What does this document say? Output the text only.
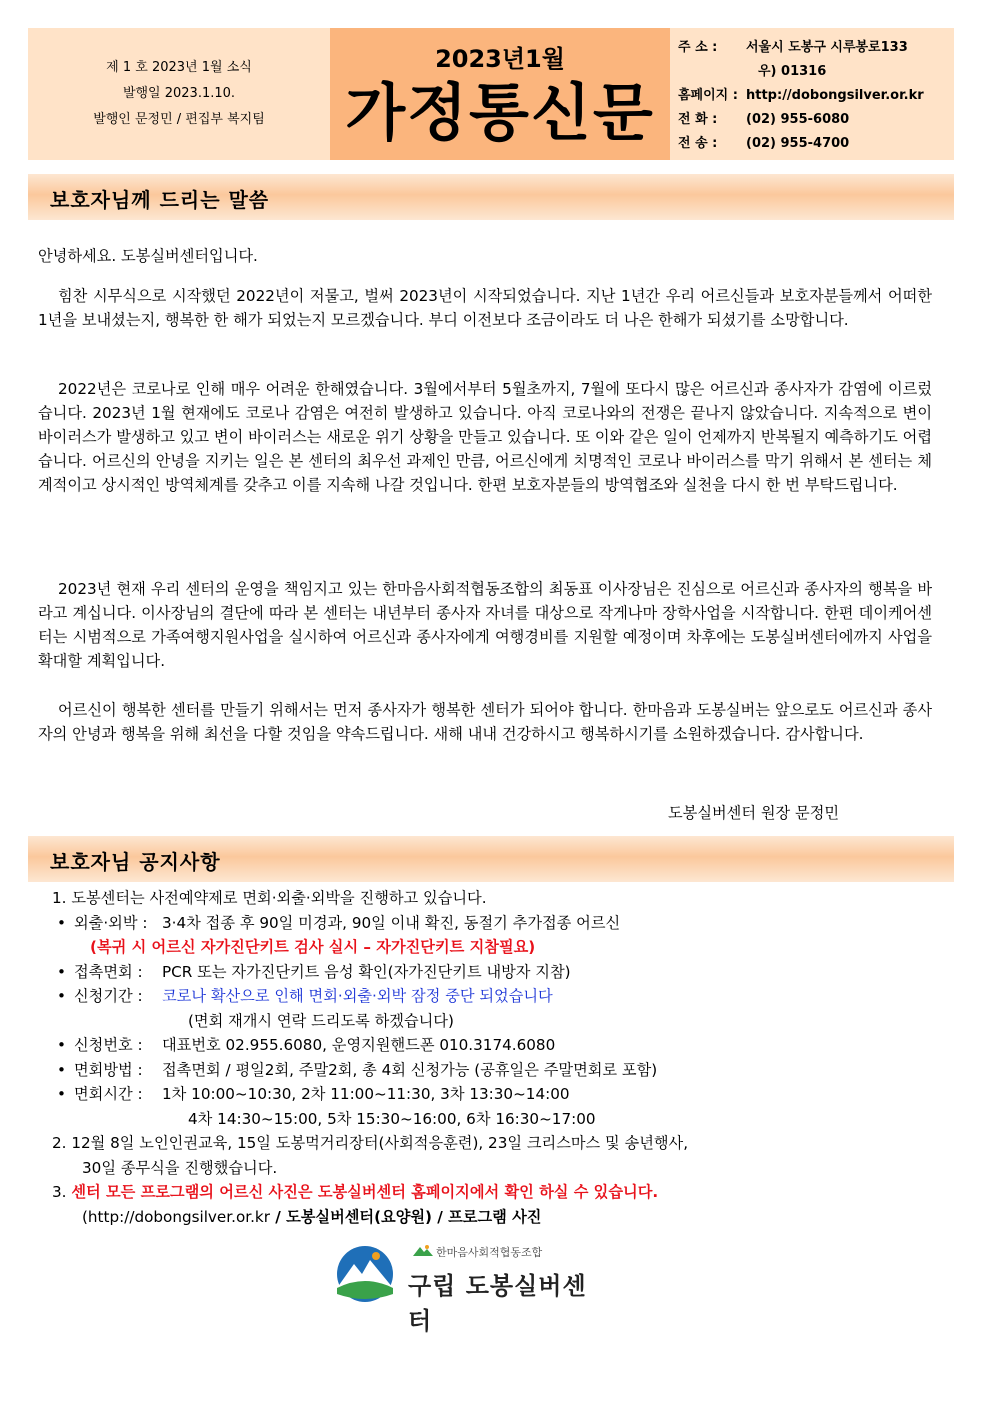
제 1 호 2023년 1월 소식
발행일 2023.1.10.
발행인 문정민 / 편집부 복지팀
2023년1월
가정통신문
주 소 :	서울시 도봉구 시루봉로133
우) 01316
홈페이지 : http://dobongsilver.or.kr
전 화 :	(02) 955-6080
전 송 :	(02) 955-4700
보호자님께 드리는 말씀

안녕하세요. 도봉실버센터입니다.

힘찬 시무식으로 시작했던 2022년이 저물고, 벌써 2023년이 시작되었습니다. 지난 1년간 우리 어르신들과 보호자분들께서 어떠한 1년을 보내셨는지, 행복한 한 해가 되었는지 모르겠습니다. 부디 이전보다 조금이라도 더 나은 한해가 되셨기를 소망합니다.

2022년은 코로나로 인해 매우 어려운 한해였습니다. 3월에서부터 5월초까지, 7월에 또다시 많은 어르신과 종사자가 감염에 이르렀습니다. 2023년 1월 현재에도 코로나 감염은 여전히 발생하고 있습니다. 아직 코로나와의 전쟁은 끝나지 않았습니다. 지속적으로 변이 바이러스가 발생하고 있고 변이 바이러스는 새로운 위기 상황을 만들고 있습니다. 또 이와 같은 일이 언제까지 반복될지 예측하기도 어렵습니다. 어르신의 안녕을 지키는 일은 본 센터의 최우선 과제인 만큼, 어르신에게 치명적인 코로나 바이러스를 막기 위해서 본 센터는 체계적이고 상시적인 방역체계를 갖추고 이를 지속해 나갈 것입니다. 한편 보호자분들의 방역협조와 실천을 다시 한 번 부탁드립니다.

2023년 현재 우리 센터의 운영을 책임지고 있는 한마음사회적협동조합의 최동표 이사장님은 진심으로 어르신과 종사자의 행복을 바라고 계십니다. 이사장님의 결단에 따라 본 센터는 내년부터 종사자 자녀를 대상으로 작게나마 장학사업을 시작합니다. 한편 데이케어센터는 시범적으로 가족여행지원사업을 실시하여 어르신과 종사자에게 여행경비를 지원할 예정이며 차후에는 도봉실버센터에까지 사업을 확대할 계획입니다.

어르신이 행복한 센터를 만들기 위해서는 먼저 종사자가 행복한 센터가 되어야 합니다. 한마음과 도봉실버는 앞으로도 어르신과 종사자의 안녕과 행복을 위해 최선을 다할 것임을 약속드립니다. 새해 내내 건강하시고 행복하시기를 소원하겠습니다. 감사합니다.

도봉실버센터 원장 문정민
보호자님 공지사항
1. 도봉센터는 사전예약제로 면회·외출·외박을 진행하고 있습니다.
• 외출·외박 : 3·4차 접종 후 90일 미경과, 90일 이내 확진, 동절기 추가접종 어르신
(복귀 시 어르신 자가진단키트 검사 실시 – 자가진단키트 지참필요)
• 접촉면회 : PCR 또는 자가진단키트 음성 확인(자가진단키트 내방자 지참)
• 신청기간 : 코로나 확산으로 인해 면회·외출·외박 잠정 중단 되었습니다
(면회 재개시 연락 드리도록 하겠습니다)
• 신청번호 : 대표번호 02.955.6080, 운영지원핸드폰 010.3174.6080
• 면회방법 : 접촉면회 / 평일2회, 주말2회, 총 4회 신청가능 (공휴일은 주말면회로 포함)
• 면회시간 : 1차 10:00~10:30, 2차 11:00~11:30, 3차 13:30~14:00
4차 14:30~15:00, 5차 15:30~16:00, 6차 16:30~17:00
2. 12월 8일 노인인권교육, 15일 도봉먹거리장터(사회적응훈련), 23일 크리스마스 및 송년행사,
30일 종무식을 진행했습니다.
3. 센터 모든 프로그램의 어르신 사진은 도봉실버센터 홈페이지에서 확인 하실 수 있습니다.
(http://dobongsilver.or.kr / 도봉실버센터(요양원) / 프로그램 사진
한마음사회적협동조합
구립 도봉실버센터
